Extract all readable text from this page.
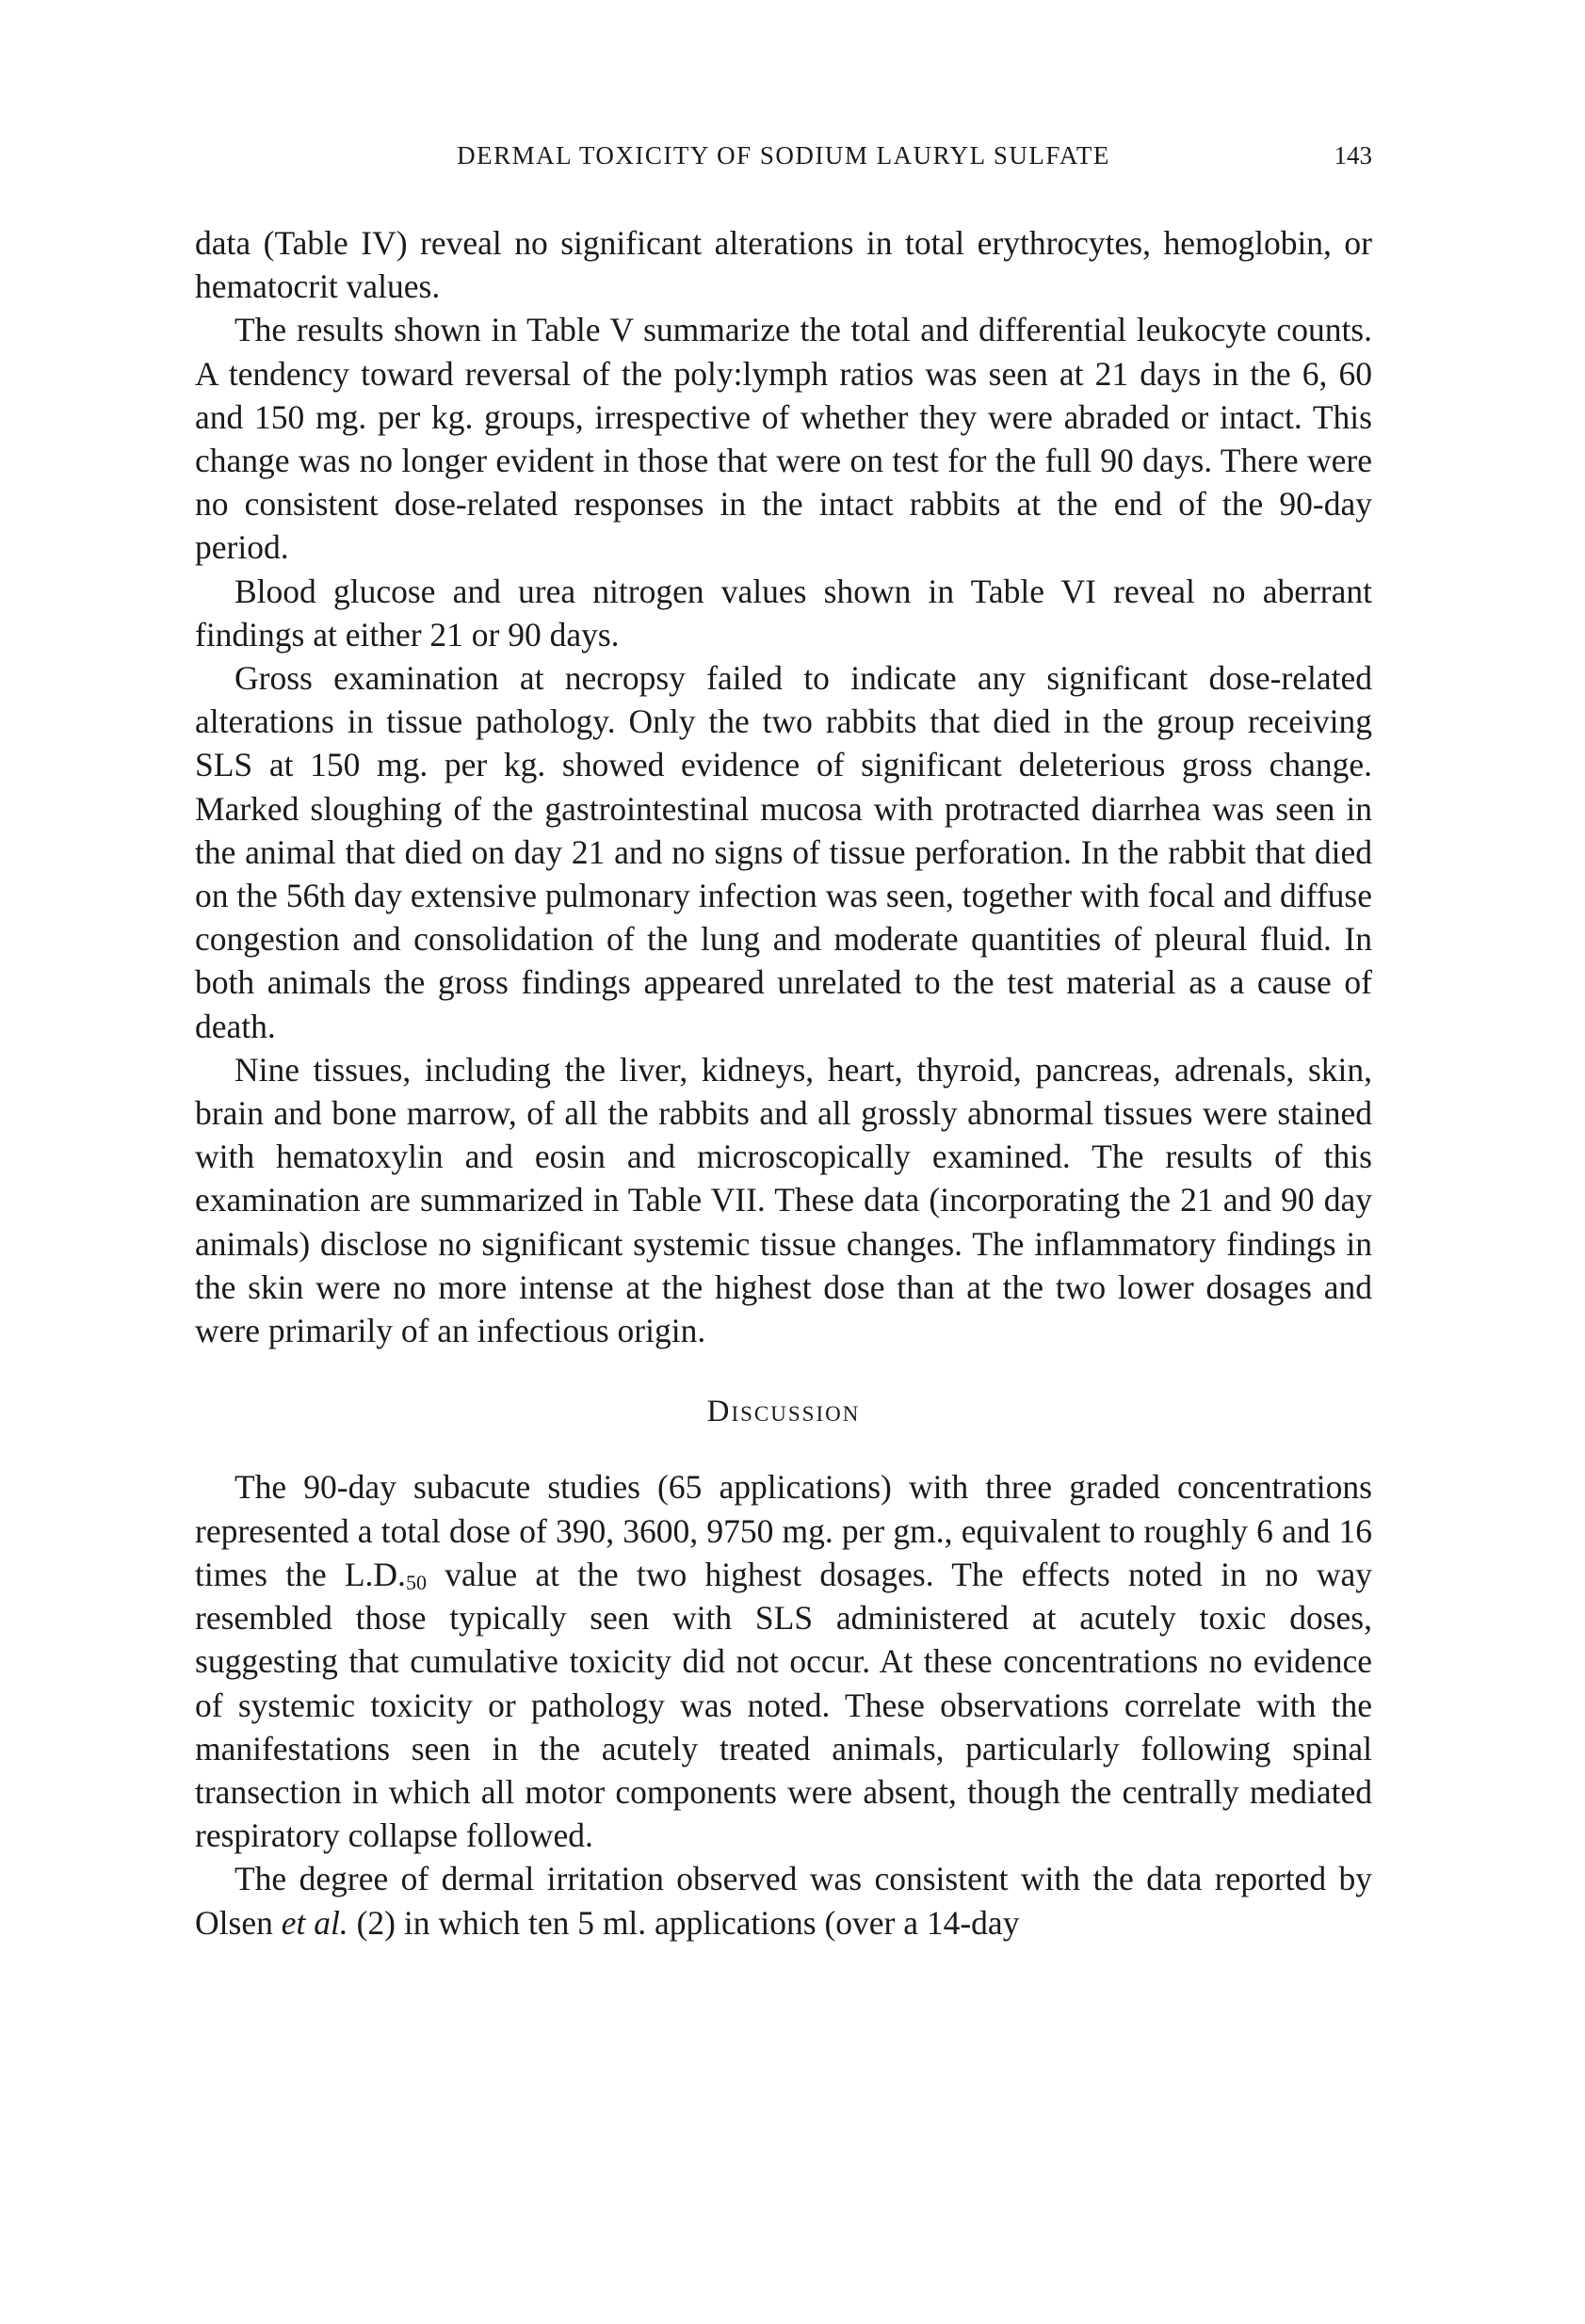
DERMAL TOXICITY OF SODIUM LAURYL SULFATE	143

data (Table IV) reveal no significant alterations in total erythrocytes, hemoglobin, or hematocrit values.

The results shown in Table V summarize the total and differential leukocyte counts. A tendency toward reversal of the poly:lymph ratios was seen at 21 days in the 6, 60 and 150 mg. per kg. groups, irrespective of whether they were abraded or intact. This change was no longer evident in those that were on test for the full 90 days. There were no consistent dose-related responses in the intact rabbits at the end of the 90-day period.

Blood glucose and urea nitrogen values shown in Table VI reveal no aberrant findings at either 21 or 90 days.

Gross examination at necropsy failed to indicate any significant dose-related alterations in tissue pathology. Only the two rabbits that died in the group receiving SLS at 150 mg. per kg. showed evidence of significant deleterious gross change. Marked sloughing of the gastrointestinal mucosa with protracted diarrhea was seen in the animal that died on day 21 and no signs of tissue perforation. In the rabbit that died on the 56th day extensive pulmonary infection was seen, together with focal and diffuse congestion and consolidation of the lung and moderate quantities of pleural fluid. In both animals the gross findings appeared unrelated to the test material as a cause of death.

Nine tissues, including the liver, kidneys, heart, thyroid, pancreas, adrenals, skin, brain and bone marrow, of all the rabbits and all grossly abnormal tissues were stained with hematoxylin and eosin and microscopically examined. The results of this examination are summarized in Table VII. These data (incorporating the 21 and 90 day animals) disclose no significant systemic tissue changes. The inflammatory findings in the skin were no more intense at the highest dose than at the two lower dosages and were primarily of an infectious origin.

Discussion

The 90-day subacute studies (65 applications) with three graded concentrations represented a total dose of 390, 3600, 9750 mg. per gm., equivalent to roughly 6 and 16 times the $L.D._{50}$ value at the two highest dosages. The effects noted in no way resembled those typically seen with SLS administered at acutely toxic doses, suggesting that cumulative toxicity did not occur. At these concentrations no evidence of systemic toxicity or pathology was noted. These observations correlate with the manifestations seen in the acutely treated animals, particularly following spinal transection in which all motor components were absent, though the centrally mediated respiratory collapse followed.

The degree of dermal irritation observed was consistent with the data reported by Olsen et al. (2) in which ten 5 ml. applications (over a 14-day
